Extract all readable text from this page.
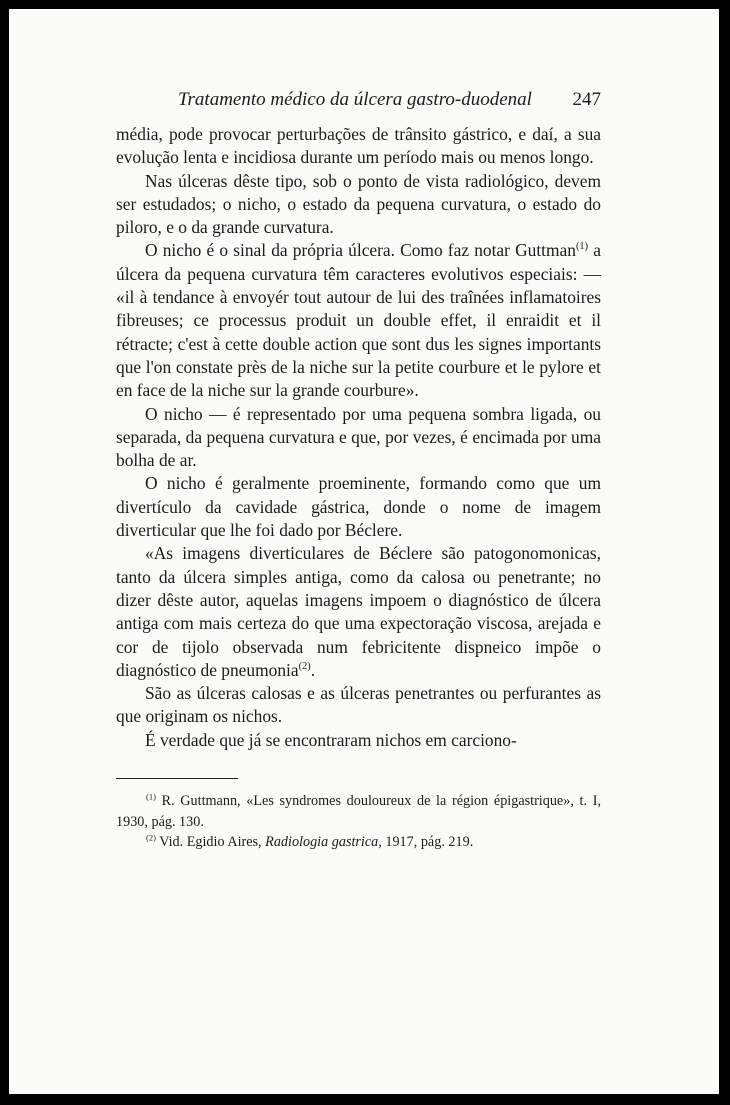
Tratamento médico da úlcera gastro-duodenal 247

média, pode provocar perturbações de trânsito gástrico, e daí, a sua evolução lenta e incidiosa durante um período mais ou menos longo.

Nas úlceras dêste tipo, sob o ponto de vista radiológico, devem ser estudados; o nicho, o estado da pequena curvatura, o estado do piloro, e o da grande curvatura.

O nicho é o sinal da própria úlcera. Como faz notar Guttman$^{(1)}$ a úlcera da pequena curvatura têm caracteres evolutivos especiais: — «il à tendance à envoyér tout autour de lui des traînées inflamatoires fibreuses; ce processus produit un double effet, il enraidit et il rétracte; c'est à cette double action que sont dus les signes importants que l'on constate près de la niche sur la petite courbure et le pylore et en face de la niche sur la grande courbure».

O nicho — é representado por uma pequena sombra ligada, ou separada, da pequena curvatura e que, por vezes, é encimada por uma bolha de ar.

O nicho é geralmente proeminente, formando como que um divertículo da cavidade gástrica, donde o nome de imagem diverticular que lhe foi dado por Béclere.

«As imagens diverticulares de Béclere são patogonomonicas, tanto da úlcera simples antiga, como da calosa ou penetrante; no dizer dêste autor, aquelas imagens impoem o diagnóstico de úlcera antiga com mais certeza do que uma expectoração viscosa, arejada e cor de tijolo observada num febricitente dispneico impõe o diagnóstico de pneumonia$^{(2)}$.

São as úlceras calosas e as úlceras penetrantes ou perfurantes as que originam os nichos.

É verdade que já se encontraram nichos em carciono-

$^{(1)}$ R. Guttmann, «Les syndromes douloureux de la région épigastrique», t. I, 1930, pág. 130.

$^{(2)}$ Vid. Egidio Aires, Radiologia gastrica, 1917, pág. 219.
